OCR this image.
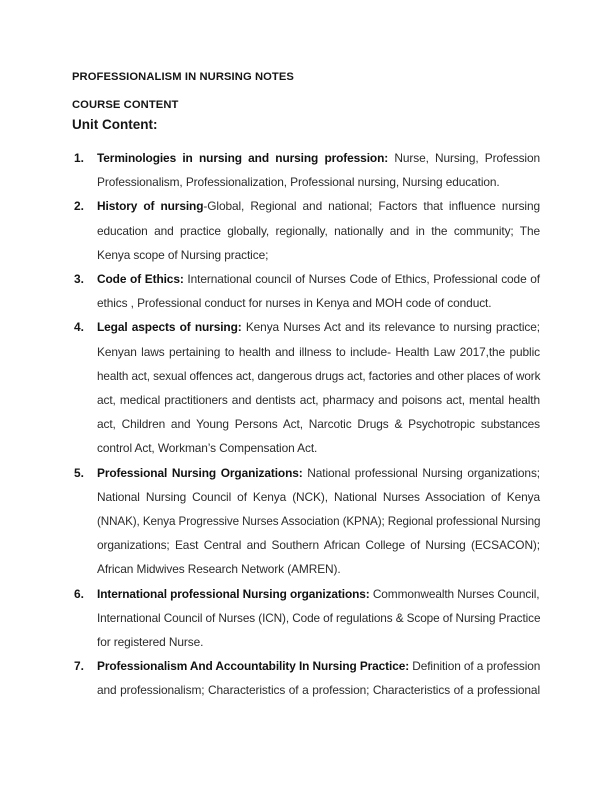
PROFESSIONALISM IN NURSING NOTES

COURSE CONTENT

Unit Content:

1. Terminologies in nursing and nursing profession: Nurse, Nursing, Profession
Professionalism, Professionalization, Professional nursing, Nursing education.
2. History of nursing-Global, Regional and national; Factors that influence nursing
education and practice globally, regionally, nationally and in the community; The
Kenya scope of Nursing practice;
3. Code of Ethics: International council of Nurses Code of Ethics, Professional code of
ethics , Professional conduct for nurses in Kenya and MOH code of conduct.
4. Legal aspects of nursing: Kenya Nurses Act and its relevance to nursing practice;
Kenyan laws pertaining to health and illness to include- Health Law 2017,the public
health act, sexual offences act, dangerous drugs act, factories and other places of work
act, medical practitioners and dentists act, pharmacy and poisons act, mental health
act, Children and Young Persons Act, Narcotic Drugs & Psychotropic substances
control Act, Workman’s Compensation Act.
5. Professional Nursing Organizations: National professional Nursing organizations;
National Nursing Council of Kenya (NCK), National Nurses Association of Kenya
(NNAK), Kenya Progressive Nurses Association (KPNA); Regional professional Nursing
organizations; East Central and Southern African College of Nursing (ECSACON);
African Midwives Research Network (AMREN).
6. International professional Nursing organizations: Commonwealth Nurses Council,
International Council of Nurses (ICN), Code of regulations & Scope of Nursing Practice
for registered Nurse.
7. Professionalism And Accountability In Nursing Practice: Definition of a profession
and professionalism; Characteristics of a profession; Characteristics of a professional
